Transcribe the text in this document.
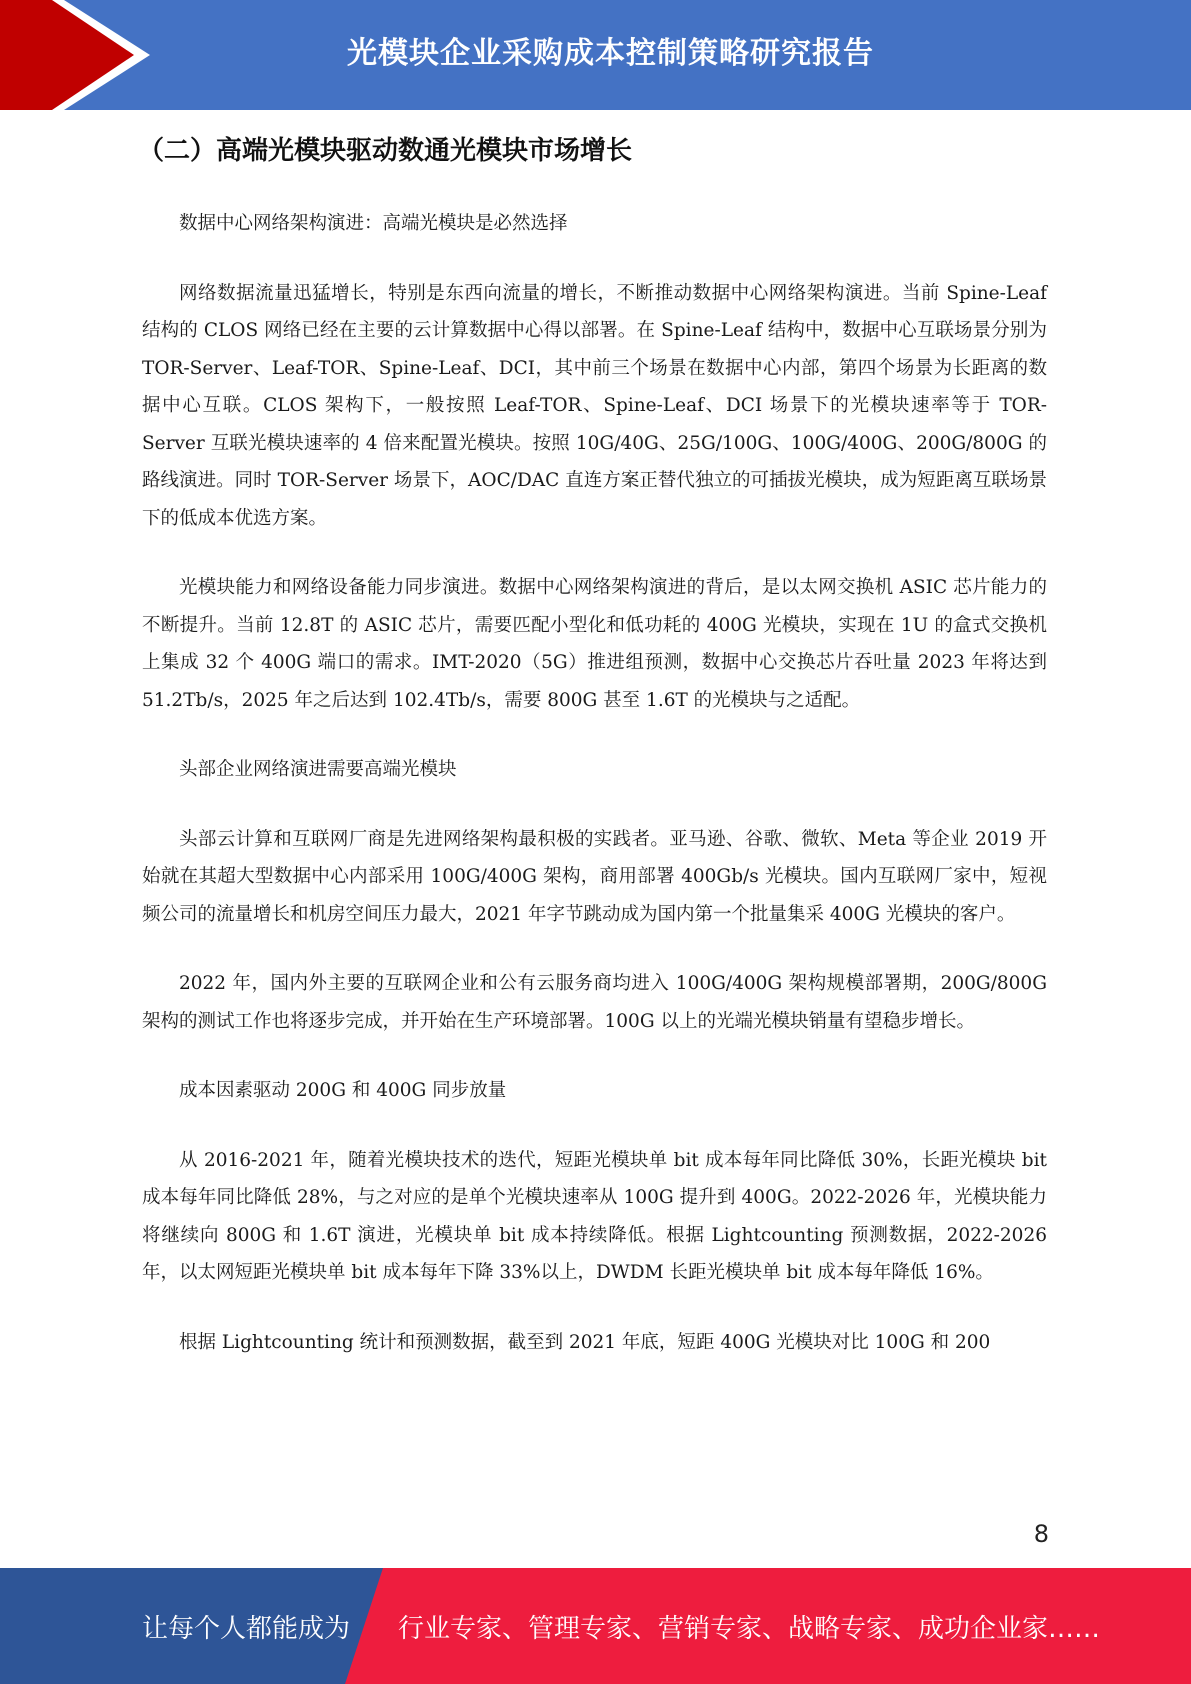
光模块企业采购成本控制策略研究报告
（二）高端光模块驱动数通光模块市场增长

数据中心网络架构演进：高端光模块是必然选择

网络数据流量迅猛增长，特别是东西向流量的增长，不断推动数据中心网络架构演进。当前 Spine-Leaf 结构的 CLOS 网络已经在主要的云计算数据中心得以部署。在 Spine-Leaf 结构中，数据中心互联场景分别为 TOR-Server、Leaf-TOR、Spine-Leaf、DCI，其中前三个场景在数据中心内部，第四个场景为长距离的数据中心互联。CLOS 架构下，一般按照 Leaf-TOR、Spine-Leaf、DCI 场景下的光模块速率等于 TOR-Server 互联光模块速率的 4 倍来配置光模块。按照 10G/40G、25G/100G、100G/400G、200G/800G 的路线演进。同时 TOR-Server 场景下，AOC/DAC 直连方案正替代独立的可插拔光模块，成为短距离互联场景下的低成本优选方案。

光模块能力和网络设备能力同步演进。数据中心网络架构演进的背后，是以太网交换机 ASIC 芯片能力的不断提升。当前 12.8T 的 ASIC 芯片，需要匹配小型化和低功耗的 400G 光模块，实现在 1U 的盒式交换机上集成 32 个 400G 端口的需求。IMT-2020（5G）推进组预测，数据中心交换芯片吞吐量 2023 年将达到 51.2Tb/s，2025 年之后达到 102.4Tb/s，需要 800G 甚至 1.6T 的光模块与之适配。

头部企业网络演进需要高端光模块

头部云计算和互联网厂商是先进网络架构最积极的实践者。亚马逊、谷歌、微软、Meta 等企业 2019 开始就在其超大型数据中心内部采用 100G/400G 架构，商用部署 400Gb/s 光模块。国内互联网厂家中，短视频公司的流量增长和机房空间压力最大，2021 年字节跳动成为国内第一个批量集采 400G 光模块的客户。

2022 年，国内外主要的互联网企业和公有云服务商均进入 100G/400G 架构规模部署期，200G/800G 架构的测试工作也将逐步完成，并开始在生产环境部署。100G 以上的光端光模块销量有望稳步增长。

成本因素驱动 200G 和 400G 同步放量

从 2016-2021 年，随着光模块技术的迭代，短距光模块单 bit 成本每年同比降低 30%，长距光模块 bit 成本每年同比降低 28%，与之对应的是单个光模块速率从 100G 提升到 400G。2022-2026 年，光模块能力将继续向 800G 和 1.6T 演进，光模块单 bit 成本持续降低。根据 Lightcounting 预测数据，2022-2026 年，以太网短距光模块单 bit 成本每年下降 33%以上，DWDM 长距光模块单 bit 成本每年降低 16%。

根据 Lightcounting 统计和预测数据，截至到 2021 年底，短距 400G 光模块对比 100G 和 200

8
让每个人都能成为 行业专家、管理专家、营销专家、战略专家、成功企业家……
